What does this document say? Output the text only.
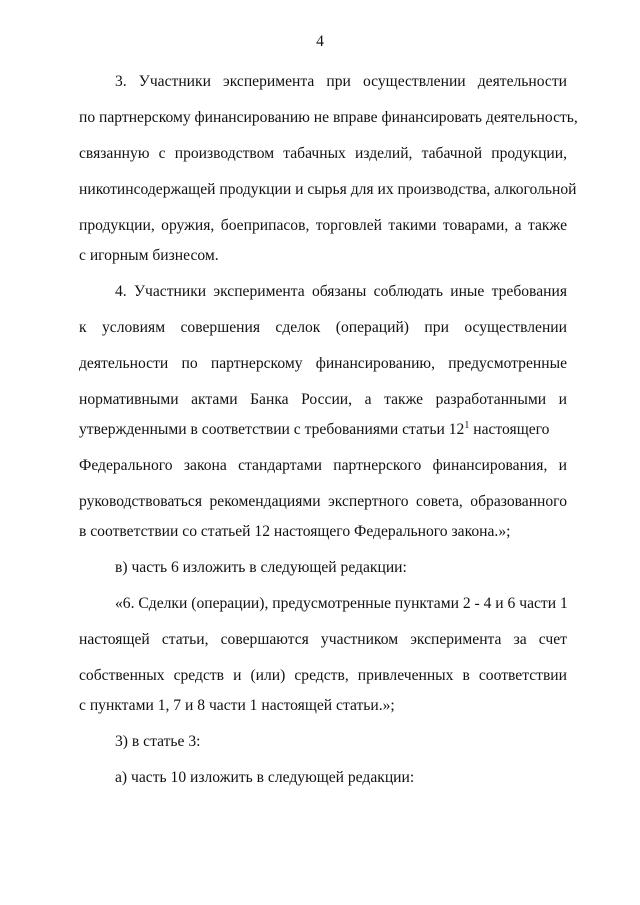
4
3. Участники эксперимента при осуществлении деятельности
по партнерскому финансированию не вправе финансировать деятельность,
связанную с производством табачных изделий, табачной продукции,
никотинсодержащей продукции и сырья для их производства, алкогольной
продукции, оружия, боеприпасов, торговлей такими товарами, а также
с игорным бизнесом.
4. Участники эксперимента обязаны соблюдать иные требования
к условиям совершения сделок (операций) при осуществлении
деятельности по партнерскому финансированию, предусмотренные
нормативными актами Банка России, а также разработанными и
утвержденными в соответствии с требованиями статьи $12^1$ настоящего
Федерального закона стандартами партнерского финансирования, и
руководствоваться рекомендациями экспертного совета, образованного
в соответствии со статьей 12 настоящего Федерального закона.»;
в) часть 6 изложить в следующей редакции:
«6. Сделки (операции), предусмотренные пунктами 2 - 4 и 6 части 1
настоящей статьи, совершаются участником эксперимента за счет
собственных средств и (или) средств, привлеченных в соответствии
с пунктами 1, 7 и 8 части 1 настоящей статьи.»;
3) в статье 3:
а) часть 10 изложить в следующей редакции:
